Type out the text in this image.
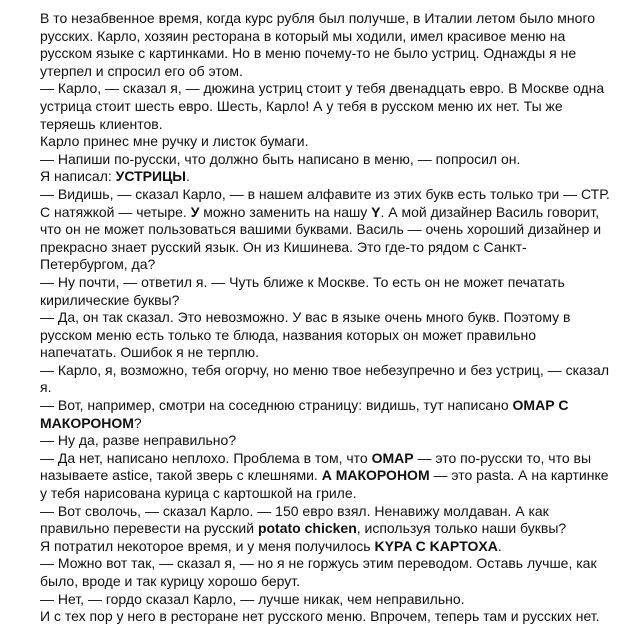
В то незабвенное время, когда курс рубля был получше, в Италии летом было много русских. Карло, хозяин ресторана в который мы ходили, имел красивое меню на русском языке с картинками. Но в меню почему-то не было устриц. Однажды я не утерпел и спросил его об этом.

— Карло, — сказал я, — дюжина устриц стоит у тебя двенадцать евро. В Москве одна устрица стоит шесть евро. Шесть, Карло! А у тебя в русском меню их нет. Ты же теряешь клиентов.

Карло принес мне ручку и листок бумаги.

— Напиши по-русски, что должно быть написано в меню, — попросил он.

Я написал: УСТРИЦЫ.

— Видишь, — сказал Карло, — в нашем алфавите из этих букв есть только три — СТР. С натяжкой — четыре. У можно заменить на нашу Y. А мой дизайнер Василь говорит, что он не может пользоваться вашими буквами. Василь — очень хороший дизайнер и прекрасно знает русский язык. Он из Кишинева. Это где-то рядом с Санкт-Петербургом, да?

— Ну почти, — ответил я. — Чуть ближе к Москве. То есть он не может печатать кирилические буквы?

— Да, он так сказал. Это невозможно. У вас в языке очень много букв. Поэтому в русском меню есть только те блюда, названия которых он может правильно напечатать. Ошибок я не терплю.

— Карло, я, возможно, тебя огорчу, но меню твое небезупречно и без устриц, — сказал я.

— Вот, например, смотри на соседнюю страницу: видишь, тут написано ОМАР С МАКОРОНОМ?

— Ну да, разве неправильно?

— Да нет, написано неплохо. Проблема в том, что ОМАР — это по-русски то, что вы называете astice, такой зверь с клешнями. А МАКОРОНОМ — это pasta. А на картинке у тебя нарисована курица с картошкой на гриле.

— Вот сволочь, — сказал Карло. — 150 евро взял. Ненавижу молдаван. А как правильно перевести на русский potato chicken, используя только наши буквы?

Я потратил некоторое время, и у меня получилось KYPA C KAPTOXA.

— Можно вот так, — сказал я, — но я не горжусь этим переводом. Оставь лучше, как было, вроде и так курицу хорошо берут.

— Нет, — гордо сказал Карло, — лучше никак, чем неправильно.

И с тех пор у него в ресторане нет русского меню. Впрочем, теперь там и русских нет.
